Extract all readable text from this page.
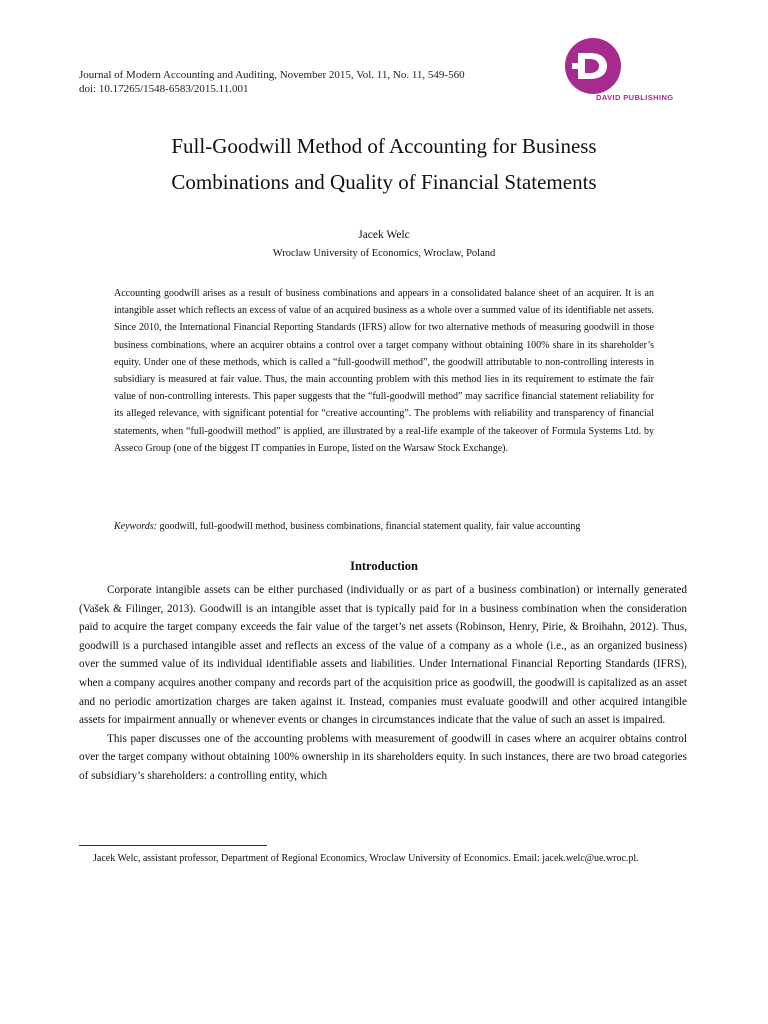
Journal of Modern Accounting and Auditing, November 2015, Vol. 11, No. 11, 549-560
doi: 10.17265/1548-6583/2015.11.001
DAVID PUBLISHING
Full-Goodwill Method of Accounting for Business
Combinations and Quality of Financial Statements
Jacek Welc
Wroclaw University of Economics, Wroclaw, Poland
Accounting goodwill arises as a result of business combinations and appears in a consolidated balance sheet of an acquirer. It is an intangible asset which reflects an excess of value of an acquired business as a whole over a summed value of its identifiable net assets. Since 2010, the International Financial Reporting Standards (IFRS) allow for two alternative methods of measuring goodwill in those business combinations, where an acquirer obtains a control over a target company without obtaining 100% share in its shareholder’s equity. Under one of these methods, which is called a “full-goodwill method”, the goodwill attributable to non-controlling interests in subsidiary is measured at fair value. Thus, the main accounting problem with this method lies in its requirement to estimate the fair value of non-controlling interests. This paper suggests that the “full-goodwill method” may sacrifice financial statement reliability for its alleged relevance, with significant potential for “creative accounting”. The problems with reliability and transparency of financial statements, when “full-goodwill method” is applied, are illustrated by a real-life example of the takeover of Formula Systems Ltd. by Asseco Group (one of the biggest IT companies in Europe, listed on the Warsaw Stock Exchange).
Keywords: goodwill, full-goodwill method, business combinations, financial statement quality, fair value accounting
Introduction

Corporate intangible assets can be either purchased (individually or as part of a business combination) or internally generated (Vašek & Filinger, 2013). Goodwill is an intangible asset that is typically paid for in a business combination when the consideration paid to acquire the target company exceeds the fair value of the target’s net assets (Robinson, Henry, Pirie, & Broihahn, 2012). Thus, goodwill is a purchased intangible asset and reflects an excess of the value of a company as a whole (i.e., as an organized business) over the summed value of its individual identifiable assets and liabilities. Under International Financial Reporting Standards (IFRS), when a company acquires another company and records part of the acquisition price as goodwill, the goodwill is capitalized as an asset and no periodic amortization charges are taken against it. Instead, companies must evaluate goodwill and other acquired intangible assets for impairment annually or whenever events or changes in circumstances indicate that the value of such an asset is impaired.

This paper discusses one of the accounting problems with measurement of goodwill in cases where an acquirer obtains control over the target company without obtaining 100% ownership in its shareholders equity. In such instances, there are two broad categories of subsidiary’s shareholders: a controlling entity, which

Jacek Welc, assistant professor, Department of Regional Economics, Wroclaw University of Economics. Email: jacek.welc@ue.wroc.pl.
